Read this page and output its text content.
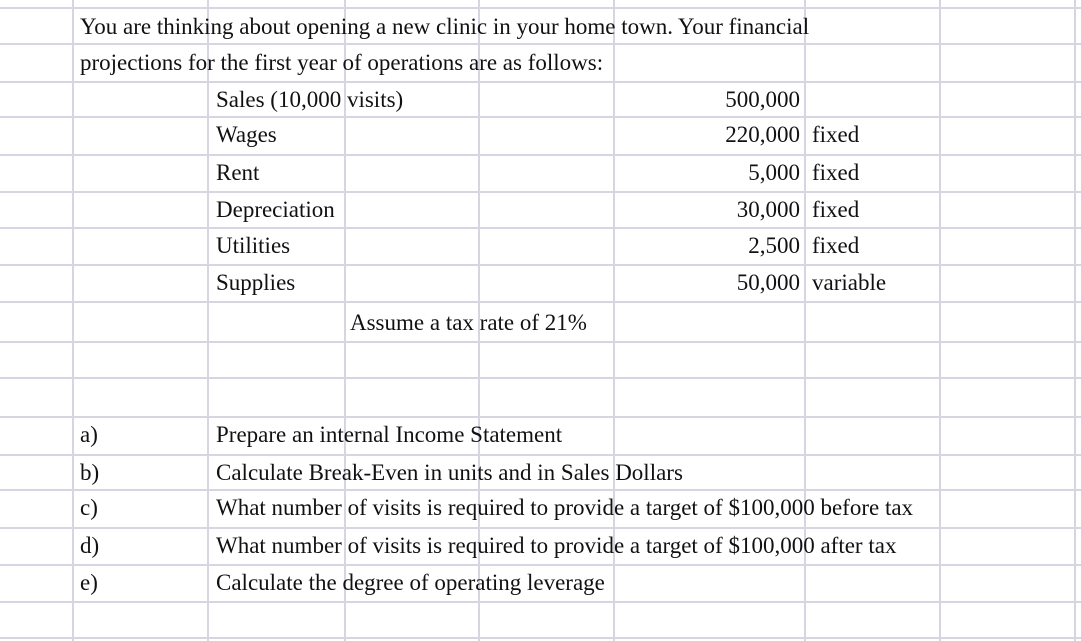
You are thinking about opening a new clinic in your home town. Your financial
projections for the first year of operations are as follows:
Sales (10,000 visits)	500,000
Wages	220,000 fixed
Rent	5,000 fixed
Depreciation	30,000 fixed
Utilities	2,500 fixed
Supplies	50,000 variable
Assume a tax rate of 21%
a)	Prepare an internal Income Statement
b)	Calculate Break-Even in units and in Sales Dollars
c)	What number of visits is required to provide a target of $100,000 before tax
d)	What number of visits is required to provide a target of $100,000 after tax
e)	Calculate the degree of operating leverage
